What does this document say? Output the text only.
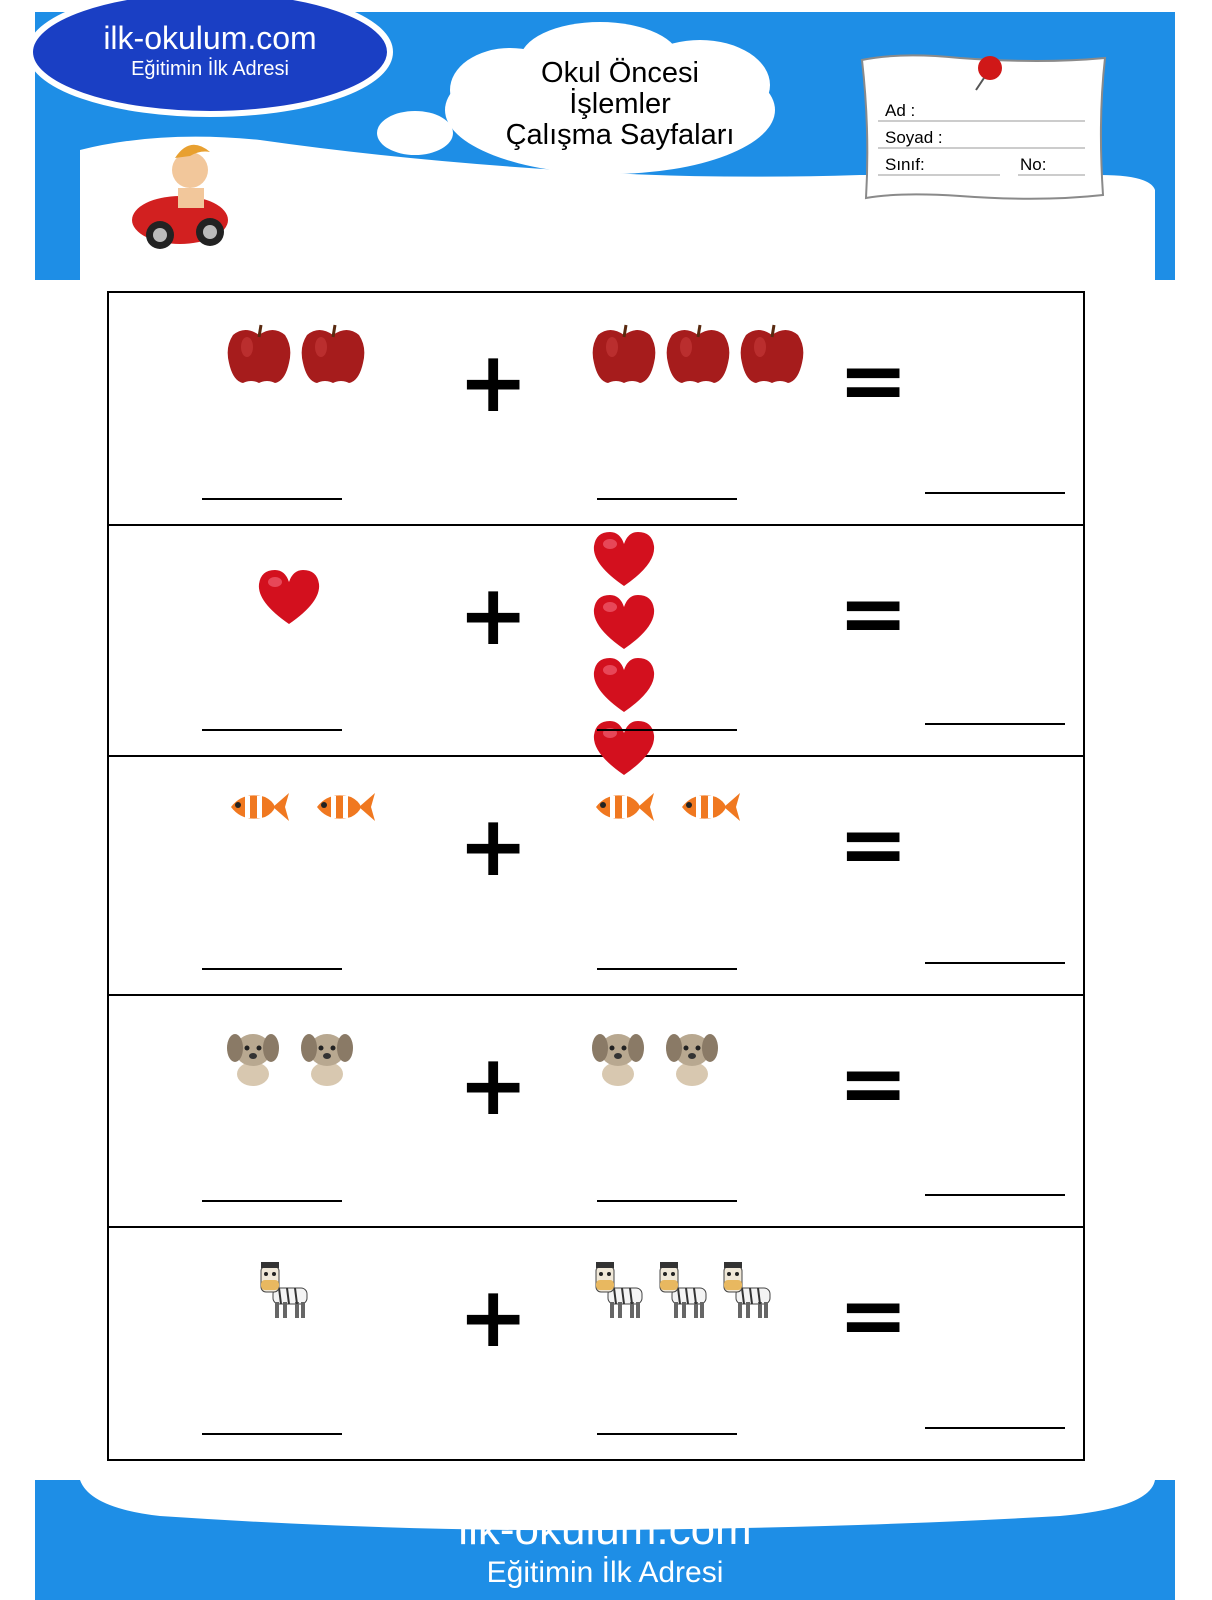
ilk-okulum.com
Eğitimin İlk Adresi	Okul Öncesi
İşlemler
Çalışma Sayfaları
Ad :
Soyad :
Sınıf:	No:
+	=
+	=
+	=
+	=
+	=
ilk-okulum.com
Eğitimin İlk Adresi
